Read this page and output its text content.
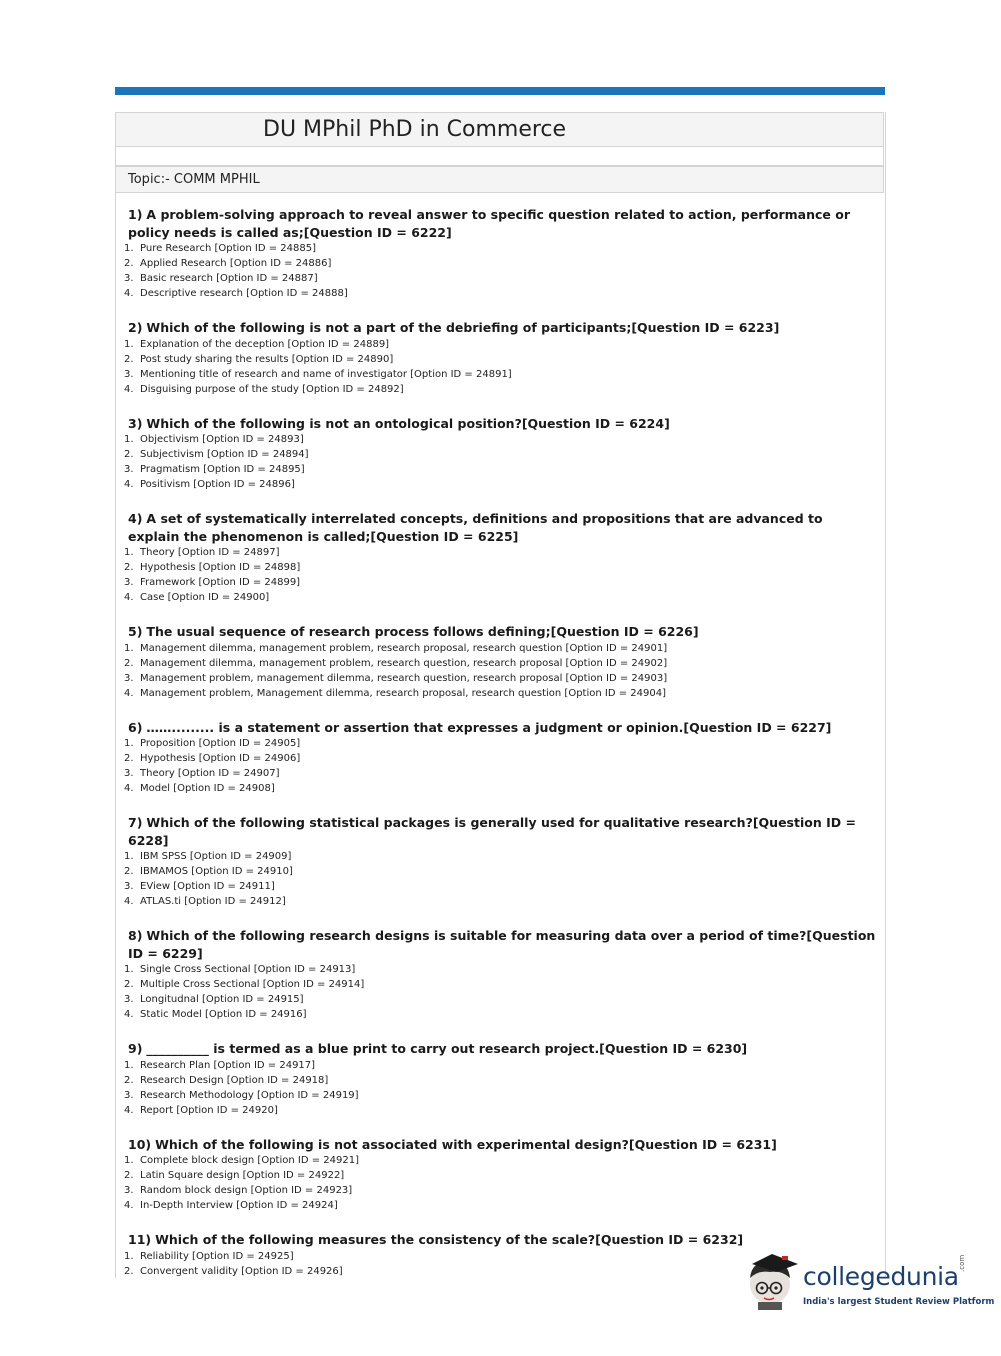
DU MPhil PhD in Commerce
Topic:- COMM MPHIL
1) A problem-solving approach to reveal answer to specific question related to action, performance or policy needs is called as;[Question ID = 6222]
1. Pure Research [Option ID = 24885]
2. Applied Research [Option ID = 24886]
3. Basic research [Option ID = 24887]
4. Descriptive research [Option ID = 24888]
2) Which of the following is not a part of the debriefing of participants;[Question ID = 6223]
1. Explanation of the deception [Option ID = 24889]
2. Post study sharing the results [Option ID = 24890]
3. Mentioning title of research and name of investigator [Option ID = 24891]
4. Disguising purpose of the study [Option ID = 24892]
3) Which of the following is not an ontological position?[Question ID = 6224]
1. Objectivism [Option ID = 24893]
2. Subjectivism [Option ID = 24894]
3. Pragmatism [Option ID = 24895]
4. Positivism [Option ID = 24896]
4) A set of systematically interrelated concepts, definitions and propositions that are advanced to explain the phenomenon is called;[Question ID = 6225]
1. Theory [Option ID = 24897]
2. Hypothesis [Option ID = 24898]
3. Framework [Option ID = 24899]
4. Case [Option ID = 24900]
5) The usual sequence of research process follows defining;[Question ID = 6226]
1. Management dilemma, management problem, research proposal, research question [Option ID = 24901]
2. Management dilemma, management problem, research question, research proposal [Option ID = 24902]
3. Management problem, management dilemma, research question, research proposal [Option ID = 24903]
4. Management problem, Management dilemma, research proposal, research question [Option ID = 24904]
6) ……......... is a statement or assertion that expresses a judgment or opinion.[Question ID = 6227]
1. Proposition [Option ID = 24905]
2. Hypothesis [Option ID = 24906]
3. Theory [Option ID = 24907]
4. Model [Option ID = 24908]
7) Which of the following statistical packages is generally used for qualitative research?[Question ID = 6228]
1. IBM SPSS [Option ID = 24909]
2. IBMAMOS [Option ID = 24910]
3. EView [Option ID = 24911]
4. ATLAS.ti [Option ID = 24912]
8) Which of the following research designs is suitable for measuring data over a period of time?[Question ID = 6229]
1. Single Cross Sectional [Option ID = 24913]
2. Multiple Cross Sectional [Option ID = 24914]
3. Longitudnal [Option ID = 24915]
4. Static Model [Option ID = 24916]
9) __________ is termed as a blue print to carry out research project.[Question ID = 6230]
1. Research Plan [Option ID = 24917]
2. Research Design [Option ID = 24918]
3. Research Methodology [Option ID = 24919]
4. Report [Option ID = 24920]
10) Which of the following is not associated with experimental design?[Question ID = 6231]
1. Complete block design [Option ID = 24921]
2. Latin Square design [Option ID = 24922]
3. Random block design [Option ID = 24923]
4. In-Depth Interview [Option ID = 24924]
11) Which of the following measures the consistency of the scale?[Question ID = 6232]
1. Reliability [Option ID = 24925]
2. Convergent validity [Option ID = 24926]	collegedunia .com
India's largest Student Review Platform
